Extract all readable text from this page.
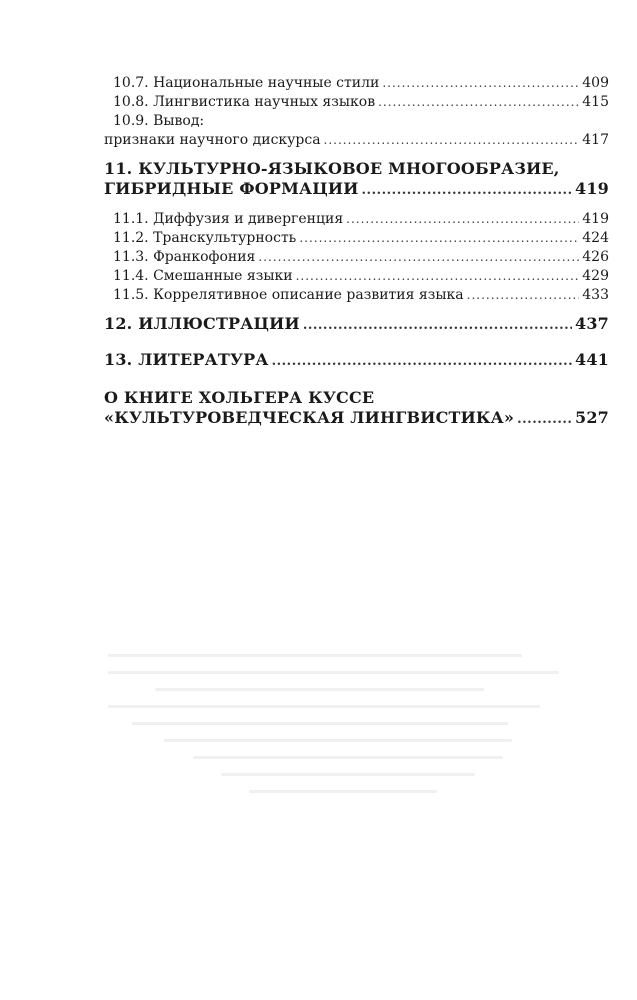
10.7. Национальные научные стили .....	409
10.8. Лингвистика научных языков .....	415
10.9. Вывод:
признаки научного дискурса .....	417
11. КУЛЬТУРНО-ЯЗЫКОВОЕ МНОГООБРАЗИЕ,
ГИБРИДНЫЕ ФОРМАЦИИ .....	419
11.1. Диффузия и дивергенция .....	419
11.2. Транскультурность .....	424
11.3. Франкофония .....	426
11.4. Смешанные языки .....	429
11.5. Коррелятивное описание развития языка .....	433
12. ИЛЛЮСТРАЦИИ .....	437
13. ЛИТЕРАТУРА .....	441
О КНИГЕ ХОЛЬГЕРА КУССЕ
«КУЛЬТУРОВЕДЧЕСКАЯ ЛИНГВИСТИКА» .....	527
